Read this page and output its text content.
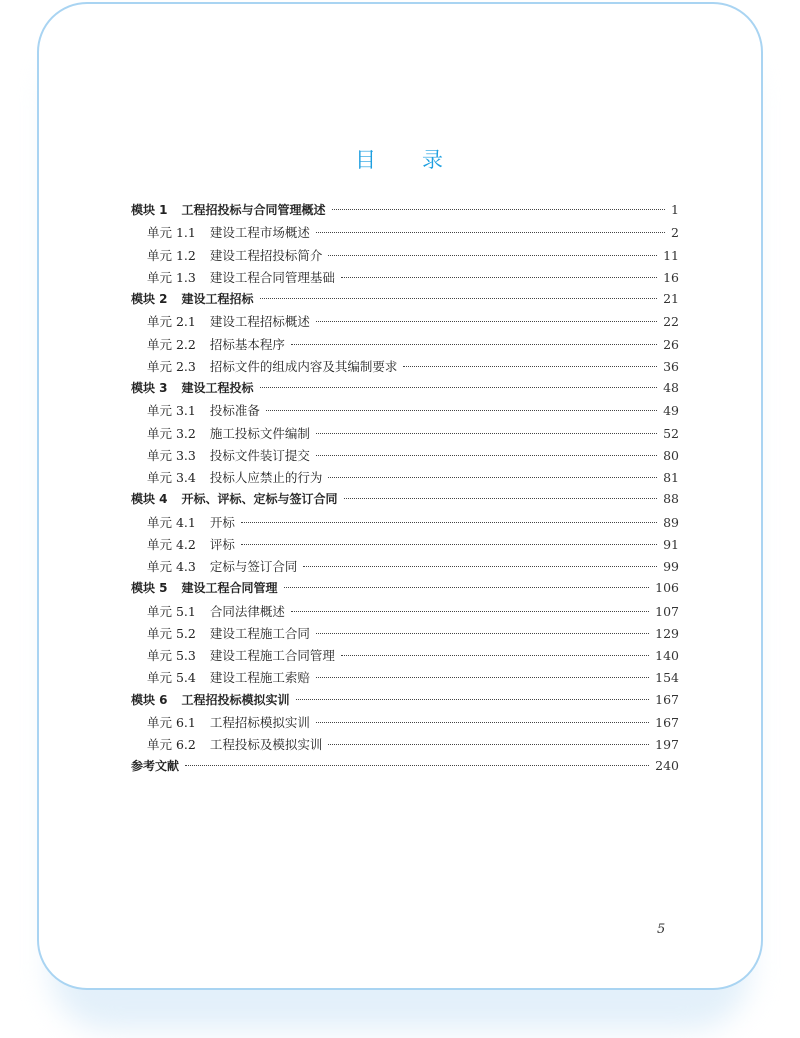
目 录
模块 1 工程招投标与合同管理概述	1
单元 1.1 建设工程市场概述	2
单元 1.2 建设工程招投标简介	11
单元 1.3 建设工程合同管理基础	16
模块 2 建设工程招标	21
单元 2.1 建设工程招标概述	22
单元 2.2 招标基本程序	26
单元 2.3 招标文件的组成内容及其编制要求	36
模块 3 建设工程投标	48
单元 3.1 投标准备	49
单元 3.2 施工投标文件编制	52
单元 3.3 投标文件装订提交	80
单元 3.4 投标人应禁止的行为	81
模块 4 开标、评标、定标与签订合同	88
单元 4.1 开标	89
单元 4.2 评标	91
单元 4.3 定标与签订合同	99
模块 5 建设工程合同管理	106
单元 5.1 合同法律概述	107
单元 5.2 建设工程施工合同	129
单元 5.3 建设工程施工合同管理	140
单元 5.4 建设工程施工索赔	154
模块 6 工程招投标模拟实训	167
单元 6.1 工程招标模拟实训	167
单元 6.2 工程投标及模拟实训	197
参考文献	240
5
